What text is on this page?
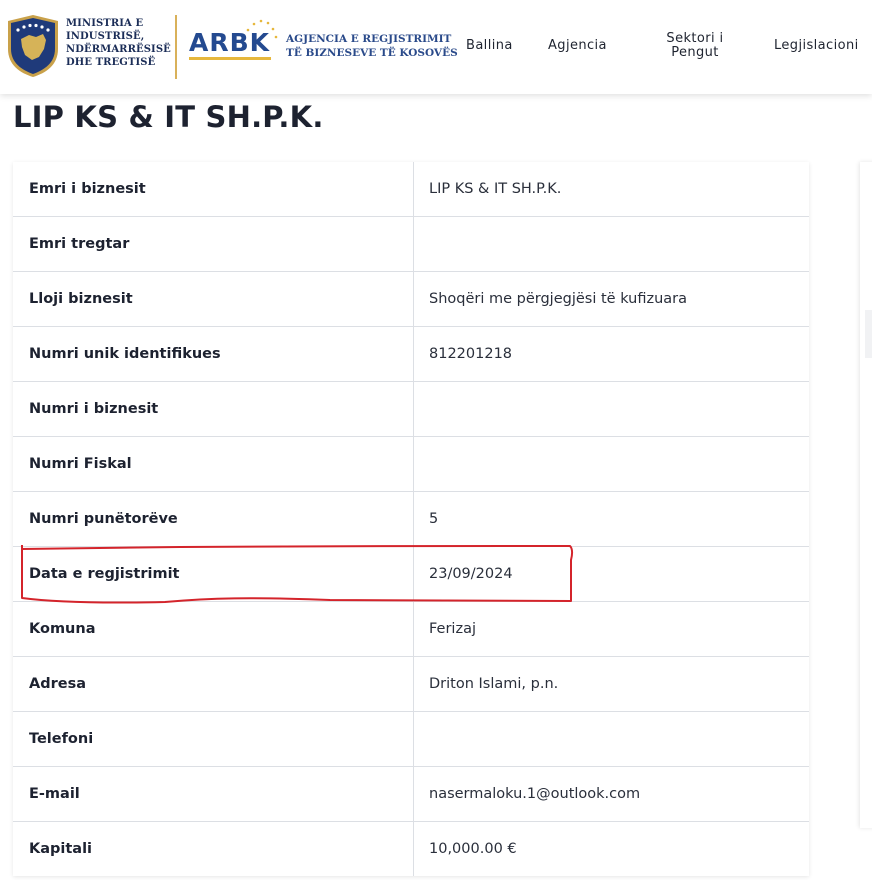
MINISTRIA E
INDUSTRISË,
NDËRMARRËSISË
DHE TREGTISË
ARBK AGJENCIA E REGJISTRIMIT
TË BIZNESEVE TË KOSOVËS Ballina	Agjencia	Sektori i Pengut	Legjislacioni
LIP KS & IT SH.P.K.
Emri i biznesit	LIP KS & IT SH.P.K.
Emri tregtar
Lloji biznesit	Shoqëri me përgjegjësi të kufizuara
Numri unik identifikues	812201218
Numri i biznesit
Numri Fiskal
Numri punëtorëve	5
Data e regjistrimit	23/09/2024
Komuna	Ferizaj
Adresa	Driton Islami, p.n.
Telefoni
E-mail	nasermaloku.1@outlook.com
Kapitali	10,000.00 €
